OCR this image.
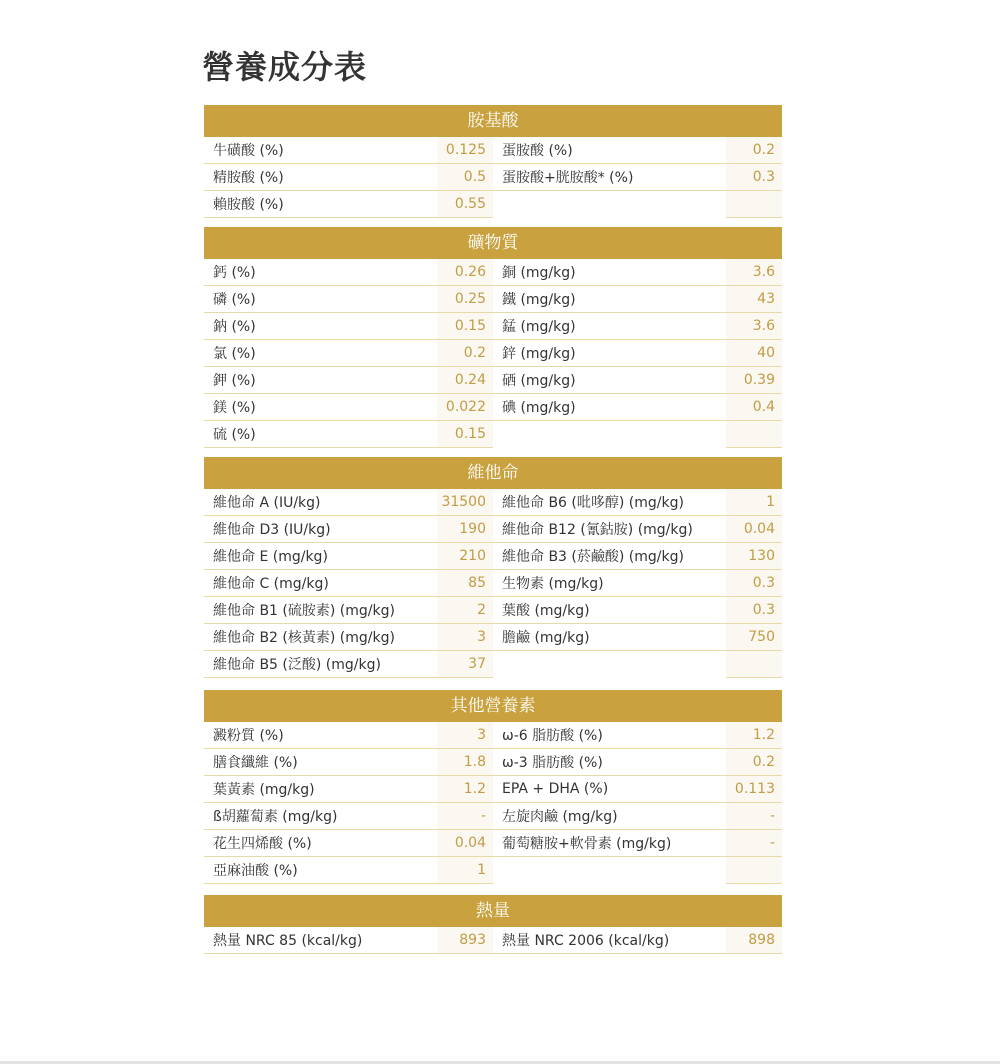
營養成分表
胺基酸
牛磺酸 (%)	0.125 蛋胺酸 (%)	0.2
精胺酸 (%)	0.5 蛋胺酸+胱胺酸* (%)	0.3
賴胺酸 (%)	0.55
礦物質
鈣 (%)	0.26 銅 (mg/kg)	3.6
磷 (%)	0.25 鐵 (mg/kg)	43
鈉 (%)	0.15 錳 (mg/kg)	3.6
氯 (%)	0.2 鋅 (mg/kg)	40
鉀 (%)	0.24 硒 (mg/kg)	0.39
鎂 (%)	0.022 碘 (mg/kg)	0.4
硫 (%)	0.15
維他命
維他命 A (IU/kg)	31500 維他命 B6 (吡哆醇) (mg/kg)	1
維他命 D3 (IU/kg)	190 維他命 B12 (氰鈷胺) (mg/kg)	0.04
維他命 E (mg/kg)	210 維他命 B3 (菸鹼酸) (mg/kg)	130
維他命 C (mg/kg)	85 生物素 (mg/kg)	0.3
維他命 B1 (硫胺素) (mg/kg)	2 葉酸 (mg/kg)	0.3
維他命 B2 (核黃素) (mg/kg)	3 膽鹼 (mg/kg)	750
維他命 B5 (泛酸) (mg/kg)	37
其他營養素
澱粉質 (%)	3 ω-6 脂肪酸 (%)	1.2
膳食纖維 (%)	1.8 ω-3 脂肪酸 (%)	0.2
葉黃素 (mg/kg)	1.2 EPA + DHA (%)	0.113
ß胡蘿蔔素 (mg/kg)	- 左旋肉鹼 (mg/kg)	-
花生四烯酸 (%)	0.04 葡萄糖胺+軟骨素 (mg/kg)	-
亞麻油酸 (%)	1
熱量
熱量 NRC 85 (kcal/kg)	893 熱量 NRC 2006 (kcal/kg)	898
